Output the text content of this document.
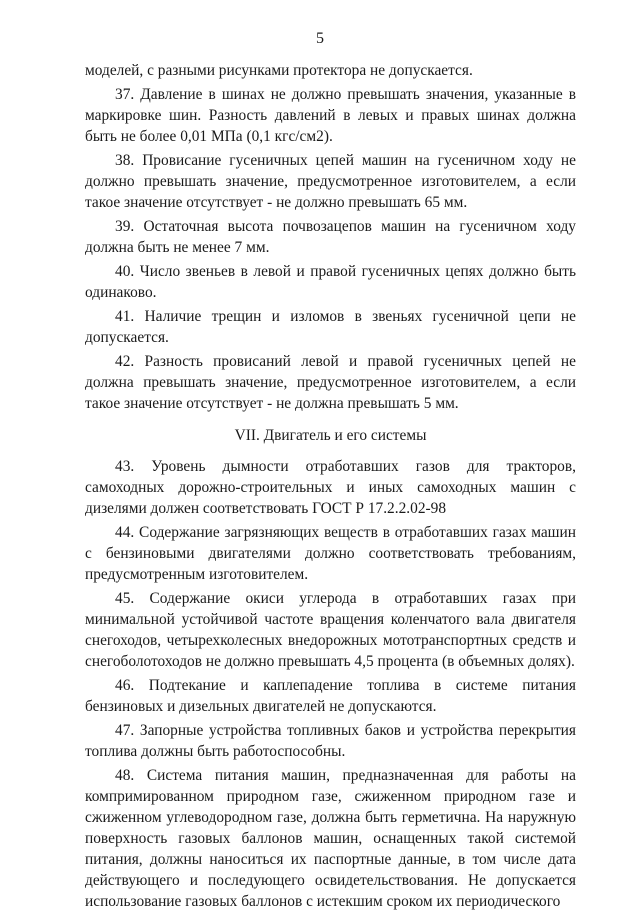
5

моделей, с разными рисунками протектора не допускается.

37. Давление в шинах не должно превышать значения, указанные в маркировке шин. Разность давлений в левых и правых шинах должна быть не более 0,01 МПа (0,1 кгс/см2).

38. Провисание гусеничных цепей машин на гусеничном ходу не должно превышать значение, предусмотренное изготовителем, а если такое значение отсутствует - не должно превышать 65 мм.

39. Остаточная высота почвозацепов машин на гусеничном ходу должна быть не менее 7 мм.

40. Число звеньев в левой и правой гусеничных цепях должно быть одинаково.

41. Наличие трещин и изломов в звеньях гусеничной цепи не допускается.

42. Разность провисаний левой и правой гусеничных цепей не должна превышать значение, предусмотренное изготовителем, а если такое значение отсутствует - не должна превышать 5 мм.

VII. Двигатель и его системы

43. Уровень дымности отработавших газов для тракторов, самоходных дорожно-строительных и иных самоходных машин с дизелями должен соответствовать ГОСТ Р 17.2.2.02-98

44. Содержание загрязняющих веществ в отработавших газах машин с бензиновыми двигателями должно соответствовать требованиям, предусмотренным изготовителем.

45. Содержание окиси углерода в отработавших газах при минимальной устойчивой частоте вращения коленчатого вала двигателя снегоходов, четырехколесных внедорожных мототранспортных средств и снегоболотоходов не должно превышать 4,5 процента (в объемных долях).

46. Подтекание и каплепадение топлива в системе питания бензиновых и дизельных двигателей не допускаются.

47. Запорные устройства топливных баков и устройства перекрытия топлива должны быть работоспособны.

48. Система питания машин, предназначенная для работы на компримированном природном газе, сжиженном природном газе и сжиженном углеводородном газе, должна быть герметична. На наружную поверхность газовых баллонов машин, оснащенных такой системой питания, должны наноситься их паспортные данные, в том числе дата действующего и последующего освидетельствования. Не допускается использование газовых баллонов с истекшим сроком их периодического
